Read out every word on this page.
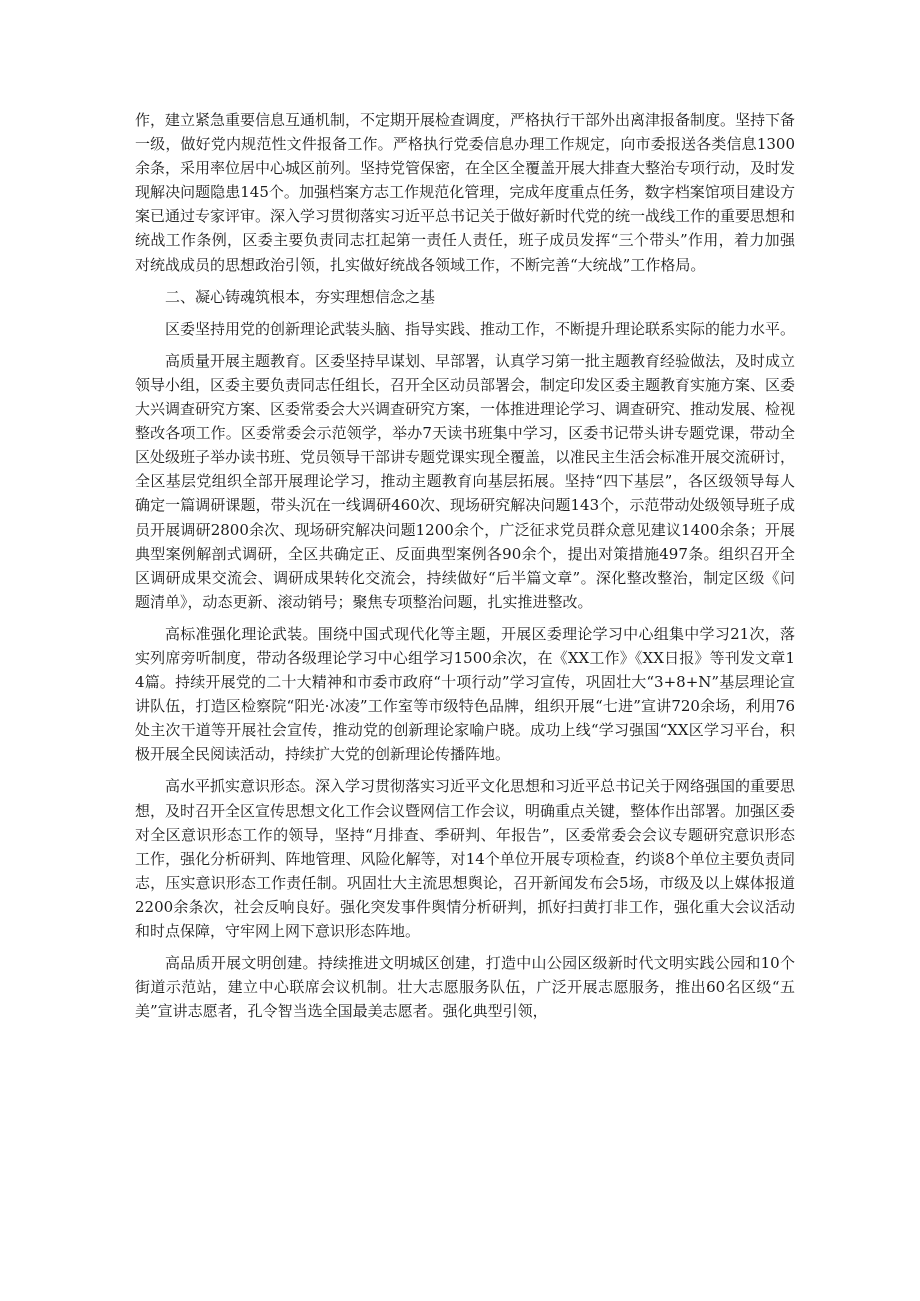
作，建立紧急重要信息互通机制，不定期开展检查调度，严格执行干部外出离津报备制度。坚持下备一级，做好党内规范性文件报备工作。严格执行党委信息办理工作规定，向市委报送各类信息1300余条，采用率位居中心城区前列。坚持党管保密，在全区全覆盖开展大排查大整治专项行动，及时发现解决问题隐患145个。加强档案方志工作规范化管理，完成年度重点任务，数字档案馆项目建设方案已通过专家评审。深入学习贯彻落实习近平总书记关于做好新时代党的统一战线工作的重要思想和统战工作条例，区委主要负责同志扛起第一责任人责任，班子成员发挥“三个带头”作用，着力加强对统战成员的思想政治引领，扎实做好统战各领域工作，不断完善“大统战”工作格局。

二、凝心铸魂筑根本，夯实理想信念之基

区委坚持用党的创新理论武装头脑、指导实践、推动工作，不断提升理论联系实际的能力水平。

高质量开展主题教育。区委坚持早谋划、早部署，认真学习第一批主题教育经验做法，及时成立领导小组，区委主要负责同志任组长，召开全区动员部署会，制定印发区委主题教育实施方案、区委大兴调查研究方案、区委常委会大兴调查研究方案，一体推进理论学习、调查研究、推动发展、检视整改各项工作。区委常委会示范领学，举办7天读书班集中学习，区委书记带头讲专题党课，带动全区处级班子举办读书班、党员领导干部讲专题党课实现全覆盖，以准民主生活会标准开展交流研讨，全区基层党组织全部开展理论学习，推动主题教育向基层拓展。坚持“四下基层”，各区级领导每人确定一篇调研课题，带头沉在一线调研460次、现场研究解决问题143个，示范带动处级领导班子成员开展调研2800余次、现场研究解决问题1200余个，广泛征求党员群众意见建议1400余条；开展典型案例解剖式调研，全区共确定正、反面典型案例各90余个，提出对策措施497条。组织召开全区调研成果交流会、调研成果转化交流会，持续做好“后半篇文章”。深化整改整治，制定区级《问题清单》，动态更新、滚动销号；聚焦专项整治问题，扎实推进整改。

高标准强化理论武装。围绕中国式现代化等主题，开展区委理论学习中心组集中学习21次，落实列席旁听制度，带动各级理论学习中心组学习1500余次，在《XX工作》《XX日报》等刊发文章14篇。持续开展党的二十大精神和市委市政府“十项行动”学习宣传，巩固壮大“3+8+N”基层理论宣讲队伍，打造区检察院“阳光·冰凌”工作室等市级特色品牌，组织开展“七进”宣讲720余场，利用76处主次干道等开展社会宣传，推动党的创新理论家喻户晓。成功上线“学习强国“XX区学习平台，积极开展全民阅读活动，持续扩大党的创新理论传播阵地。

高水平抓实意识形态。深入学习贯彻落实习近平文化思想和习近平总书记关于网络强国的重要思想，及时召开全区宣传思想文化工作会议暨网信工作会议，明确重点关键，整体作出部署。加强区委对全区意识形态工作的领导，坚持“月排查、季研判、年报告”，区委常委会会议专题研究意识形态工作，强化分析研判、阵地管理、风险化解等，对14个单位开展专项检查，约谈8个单位主要负责同志，压实意识形态工作责任制。巩固壮大主流思想舆论，召开新闻发布会5场，市级及以上媒体报道2200余条次，社会反响良好。强化突发事件舆情分析研判，抓好扫黄打非工作，强化重大会议活动和时点保障，守牢网上网下意识形态阵地。

高品质开展文明创建。持续推进文明城区创建，打造中山公园区级新时代文明实践公园和10个街道示范站，建立中心联席会议机制。壮大志愿服务队伍，广泛开展志愿服务，推出60名区级“五美”宣讲志愿者，孔令智当选全国最美志愿者。强化典型引领，
